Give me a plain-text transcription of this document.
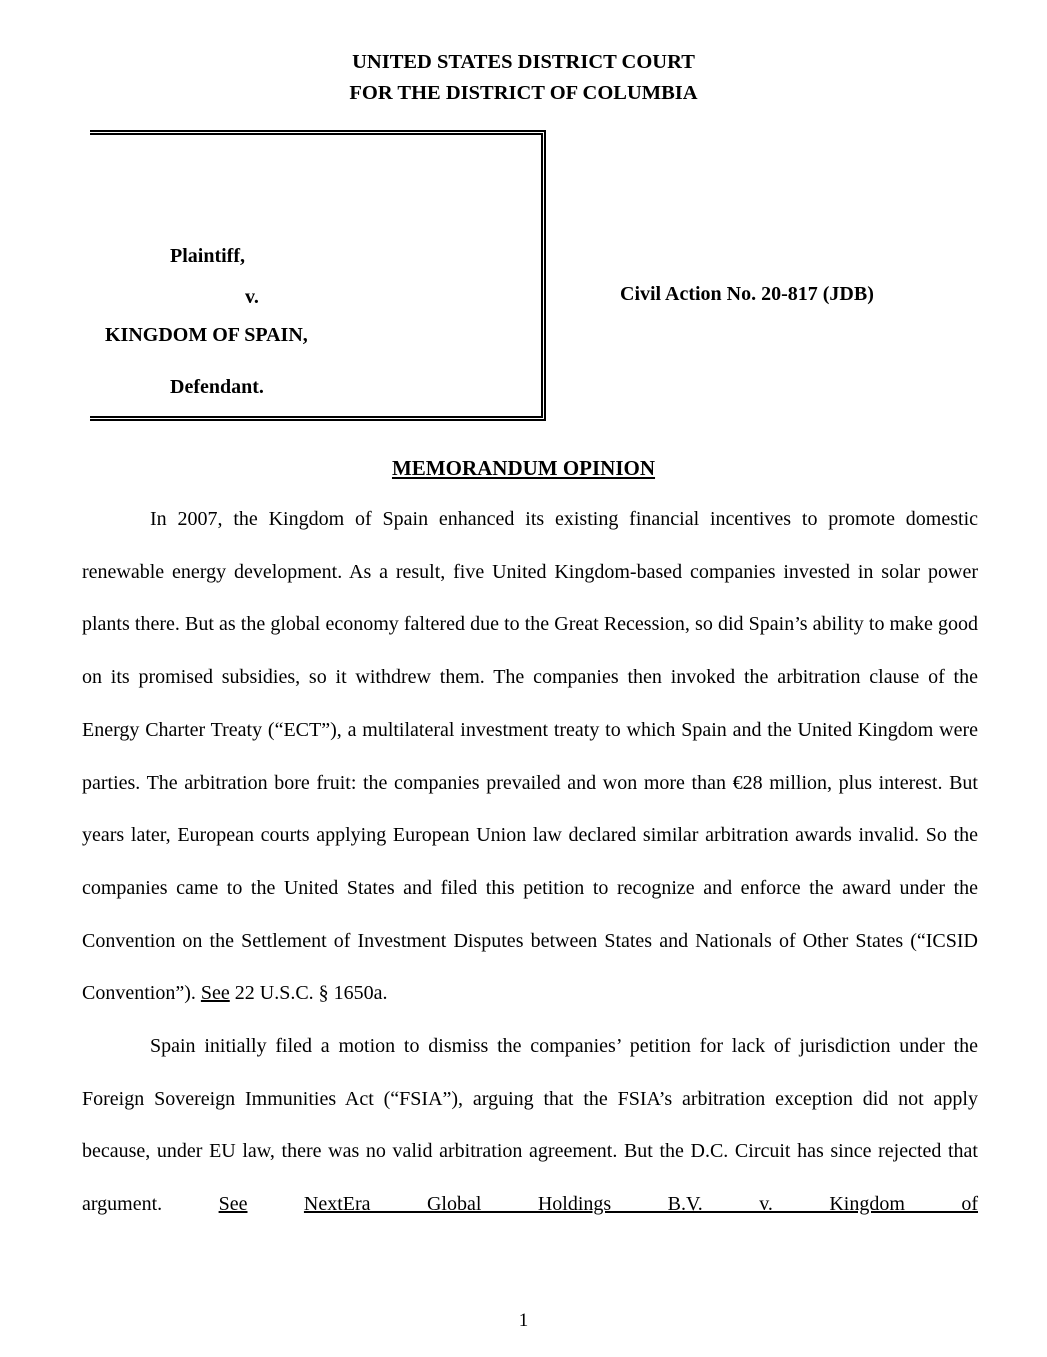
UNITED STATES DISTRICT COURT
FOR THE DISTRICT OF COLUMBIA
Plaintiff,
v.
KINGDOM OF SPAIN,
Defendant.
Civil Action No. 20-817 (JDB)
MEMORANDUM OPINION

In 2007, the Kingdom of Spain enhanced its existing financial incentives to promote domestic renewable energy development. As a result, five United Kingdom-based companies invested in solar power plants there. But as the global economy faltered due to the Great Recession, so did Spain’s ability to make good on its promised subsidies, so it withdrew them. The companies then invoked the arbitration clause of the Energy Charter Treaty (“ECT”), a multilateral investment treaty to which Spain and the United Kingdom were parties. The arbitration bore fruit: the companies prevailed and won more than €28 million, plus interest. But years later, European courts applying European Union law declared similar arbitration awards invalid. So the companies came to the United States and filed this petition to recognize and enforce the award under the Convention on the Settlement of Investment Disputes between States and Nationals of Other States (“ICSID Convention”). See 22 U.S.C. § 1650a.

Spain initially filed a motion to dismiss the companies’ petition for lack of jurisdiction under the Foreign Sovereign Immunities Act (“FSIA”), arguing that the FSIA’s arbitration exception did not apply because, under EU law, there was no valid arbitration agreement. But the D.C. Circuit has since rejected that argument. See	NextEra Global Holdings B.V. v. Kingdom of

1
